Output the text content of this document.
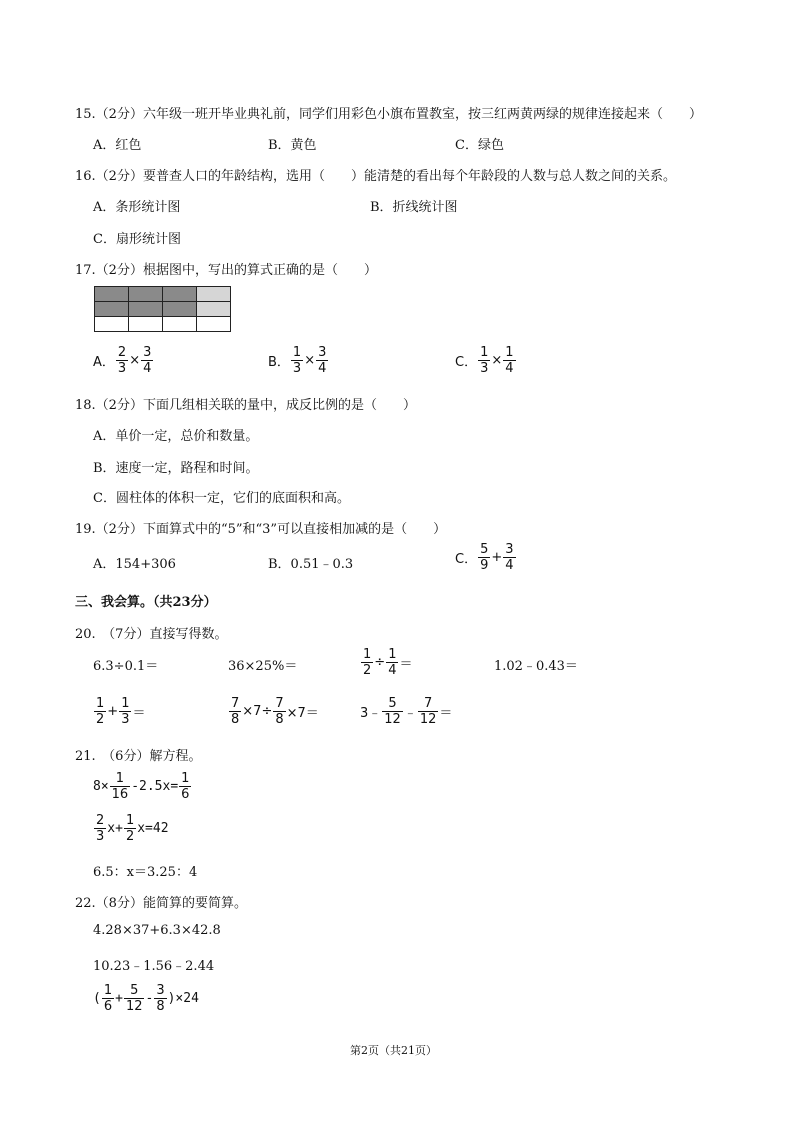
15.（2分）六年级一班开毕业典礼前，同学们用彩色小旗布置教室，按三红两黄两绿的规律连接起来（　　）
A．红色	B．黄色	C．绿色
16.（2分）要普查人口的年龄结构，选用（　　）能清楚的看出每个年龄段的人数与总人数之间的关系。
A．条形统计图	B．折线统计图
C．扇形统计图
17.（2分）根据图中，写出的算式正确的是（　　）

A． $\frac{2}{3} \times \frac{3}{4}$	B． $\frac{1}{3} \times \frac{3}{4}$	C． $\frac{1}{3} \times \frac{1}{4}$
18.（2分）下面几组相关联的量中，成反比例的是（　　）
A．单价一定，总价和数量。
B．速度一定，路程和时间。
C．圆柱体的体积一定，它们的底面积和高。
19.（2分）下面算式中的“5”和“3”可以直接相加减的是（　　）
A．154+306	B．0.51﹣0.3	C． $\frac{5}{9} + \frac{3}{4}$
三、我会算。（共23分）
20.　（7分）直接写得数。
6.3÷0.1＝	36×25%＝	$\frac{1}{2} \div \frac{1}{4}$ ＝	1.02﹣0.43＝
$\frac{1}{2} + \frac{1}{3}$ ＝	$\frac{7}{8} \times 7\div \frac{7}{8} \times 7=$	3﹣ $\frac{5}{12}$ ﹣ $\frac{7}{12}$ ＝
21.　（6分）解方程。
$8\times \frac{1}{16} -2.5x= \frac{1}{6}$
$\frac{2}{3} x+ \frac{1}{2} x=42$
6.5：x＝3.25：4
22.（8分）能简算的要简算。
4.28×37+6.3×42.8
10.23﹣1.56﹣2.44
( $\frac{1}{6} + \frac{5}{12} - \frac{3}{8} )\times 24$
第2页（共21页）
